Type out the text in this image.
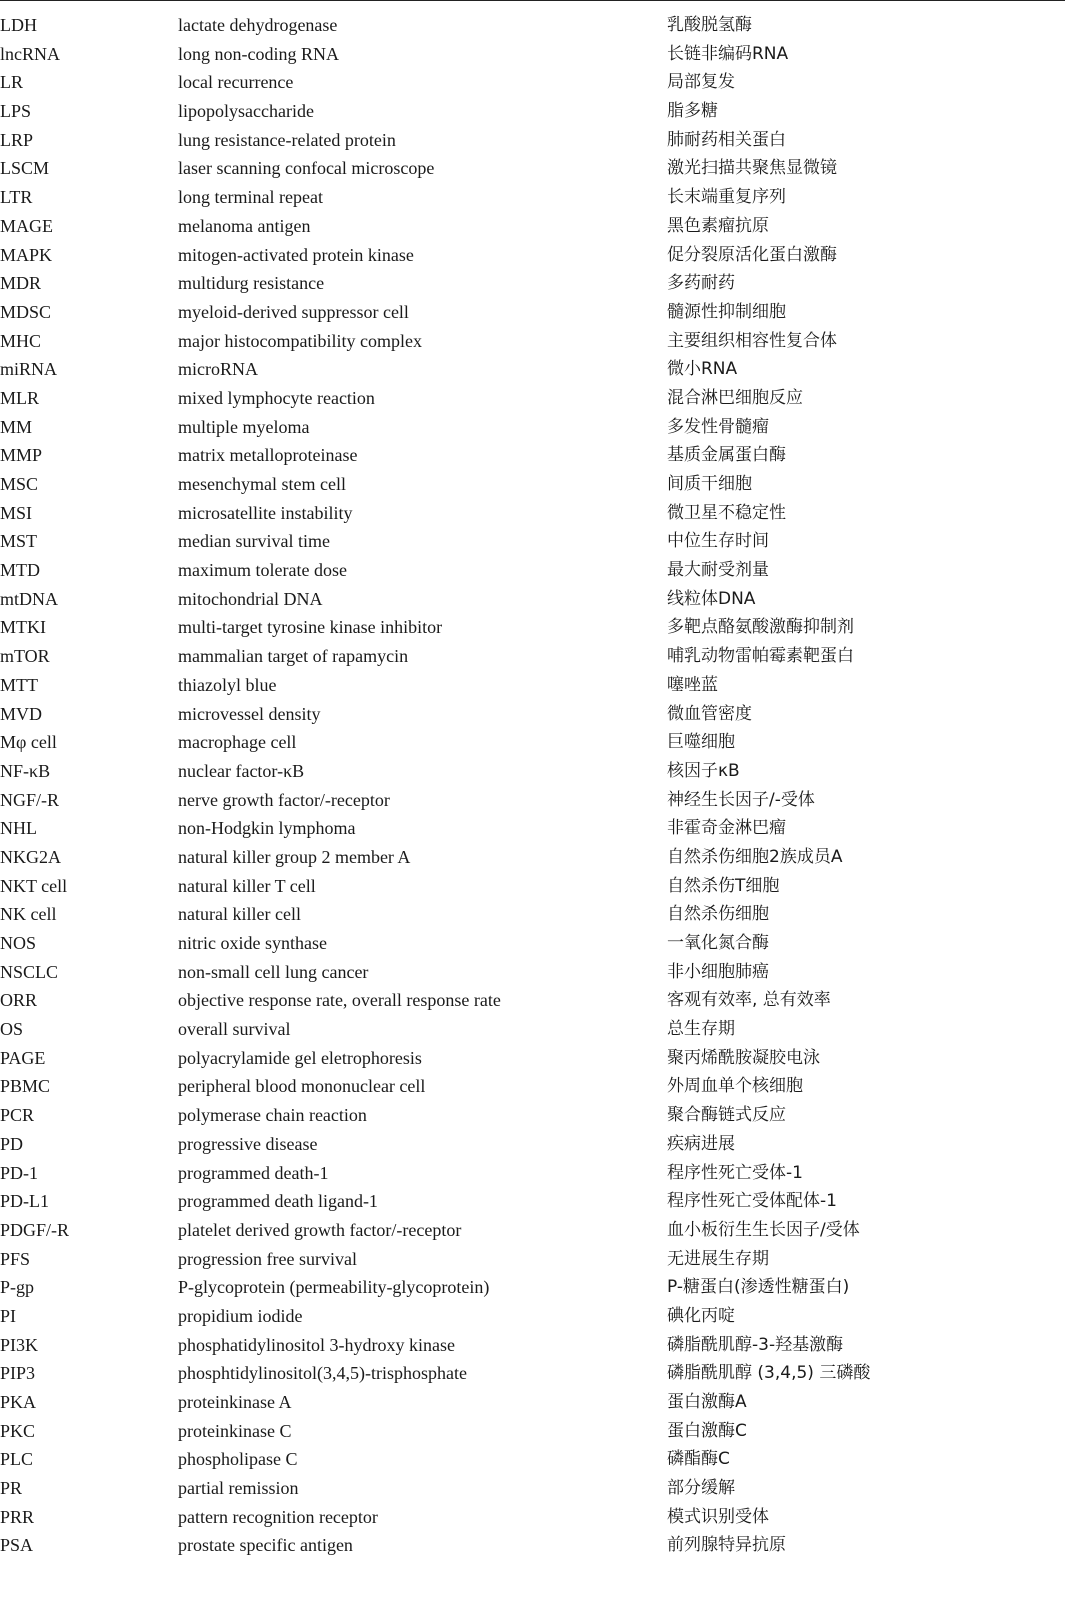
LDH	lactate dehydrogenase	乳酸脱氢酶
lncRNA	long non-coding RNA	长链非编码RNA
LR	local recurrence	局部复发
LPS	lipopolysaccharide	脂多糖
LRP	lung resistance-related protein	肺耐药相关蛋白
LSCM	laser scanning confocal microscope	激光扫描共聚焦显微镜
LTR	long terminal repeat	长末端重复序列
MAGE	melanoma antigen	黑色素瘤抗原
MAPK	mitogen-activated protein kinase	促分裂原活化蛋白激酶
MDR	multidurg resistance	多药耐药
MDSC	myeloid-derived suppressor cell	髓源性抑制细胞
MHC	major histocompatibility complex	主要组织相容性复合体
miRNA	microRNA	微小RNA
MLR	mixed lymphocyte reaction	混合淋巴细胞反应
MM	multiple myeloma	多发性骨髓瘤
MMP	matrix metalloproteinase	基质金属蛋白酶
MSC	mesenchymal stem cell	间质干细胞
MSI	microsatellite instability	微卫星不稳定性
MST	median survival time	中位生存时间
MTD	maximum tolerate dose	最大耐受剂量
mtDNA	mitochondrial DNA	线粒体DNA
MTKI	multi-target tyrosine kinase inhibitor	多靶点酪氨酸激酶抑制剂
mTOR	mammalian target of rapamycin	哺乳动物雷帕霉素靶蛋白
MTT	thiazolyl blue	噻唑蓝
MVD	microvessel density	微血管密度
Mφ cell	macrophage cell	巨噬细胞
NF-κB	nuclear factor-κB	核因子κB
NGF/-R	nerve growth factor/-receptor	神经生长因子/-受体
NHL	non-Hodgkin lymphoma	非霍奇金淋巴瘤
NKG2A	natural killer group 2 member A	自然杀伤细胞2族成员A
NKT cell	natural killer T cell	自然杀伤T细胞
NK cell	natural killer cell	自然杀伤细胞
NOS	nitric oxide synthase	一氧化氮合酶
NSCLC	non-small cell lung cancer	非小细胞肺癌
ORR	objective response rate, overall response rate	客观有效率, 总有效率
OS	overall survival	总生存期
PAGE	polyacrylamide gel eletrophoresis	聚丙烯酰胺凝胶电泳
PBMC	peripheral blood mononuclear cell	外周血单个核细胞
PCR	polymerase chain reaction	聚合酶链式反应
PD	progressive disease	疾病进展
PD-1	programmed death-1	程序性死亡受体-1
PD-L1	programmed death ligand-1	程序性死亡受体配体-1
PDGF/-R	platelet derived growth factor/-receptor	血小板衍生生长因子/受体
PFS	progression free survival	无进展生存期
P-gp	P-glycoprotein (permeability-glycoprotein)	P-糖蛋白(渗透性糖蛋白)
PI	propidium iodide	碘化丙啶
PI3K	phosphatidylinositol 3-hydroxy kinase	磷脂酰肌醇-3-羟基激酶
PIP3	phosphtidylinositol(3,4,5)-trisphosphate	磷脂酰肌醇 (3,4,5) 三磷酸
PKA	proteinkinase A	蛋白激酶A
PKC	proteinkinase C	蛋白激酶C
PLC	phospholipase C	磷酯酶C
PR	partial remission	部分缓解
PRR	pattern recognition receptor	模式识别受体
PSA	prostate specific antigen	前列腺特异抗原
